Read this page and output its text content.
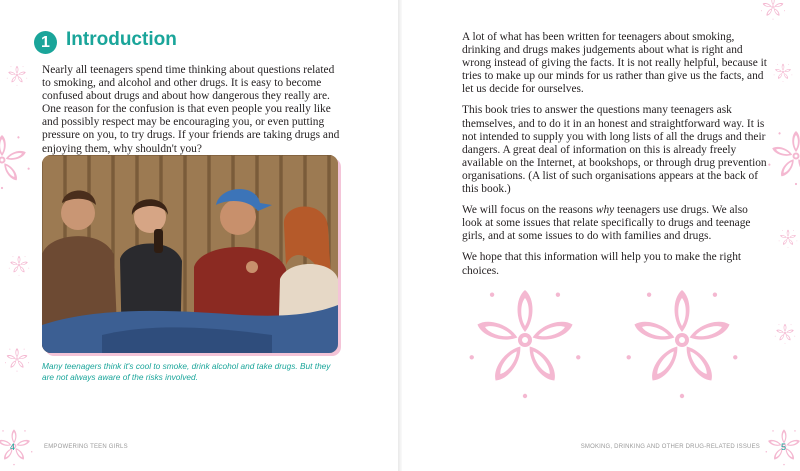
1 Introduction

Nearly all teenagers spend time thinking about questions related to smoking, and alcohol and other drugs. It is easy to become confused about drugs and about how dangerous they really are. One reason for the confusion is that even people you really like and possibly respect may be encouraging you, or even putting pressure on you, to try drugs. If your friends are taking drugs and enjoying them, why shouldn't you?

Many teenagers think it's cool to smoke, drink alcohol and take drugs. But they are not always aware of the risks involved.

4	EMPOWERING TEEN GIRLS

A lot of what has been written for teenagers about smoking, drinking and drugs makes judgements about what is right and wrong instead of giving the facts. It is not really helpful, because it tries to make up our minds for us rather than give us the facts, and let us decide for ourselves.

This book tries to answer the questions many teenagers ask themselves, and to do it in an honest and straightforward way. It is not intended to supply you with long lists of all the drugs and their dangers. A great deal of information on this is already freely available on the Internet, at bookshops, or through drug prevention organisations. (A list of such organisations appears at the back of this book.)

We will focus on the reasons why teenagers use drugs. We also look at some issues that relate specifically to drugs and teenage girls, and at some issues to do with families and drugs.

We hope that this information will help you to make the right choices.

SMOKING, DRINKING AND OTHER DRUG-RELATED ISSUES 5
